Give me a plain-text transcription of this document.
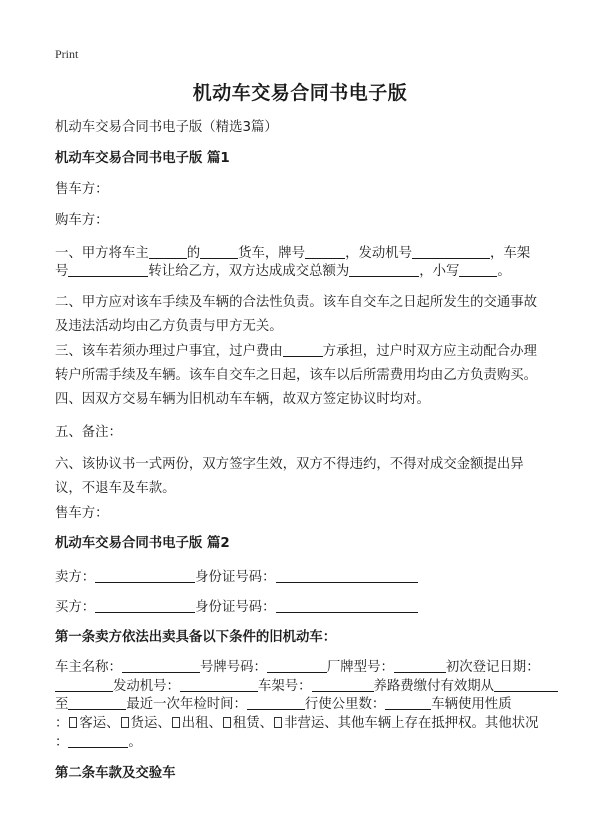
Print
机动车交易合同书电子版

机动车交易合同书电子版（精选3篇）

机动车交易合同书电子版 篇1

售车方：

购车方：

一、甲方将车主	的	货车，牌号	，发动机号	，车架

号	转让给乙方，双方达成成交总额为	，小写	。

二、甲方应对该车手续及车辆的合法性负责。该车自交车之日起所发生的交通事故及违法活动均由乙方负责与甲方无关。

三、该车若须办理过户事宜，过户费由	方承担，过户时双方应主动配合办理转户所需手续及车辆。该车自交车之日起，该车以后所需费用均由乙方负责购买。

四、因双方交易车辆为旧机动车车辆，故双方签定协议时均对。

五、备注：

六、该协议书一式两份，双方签字生效，双方不得违约，不得对成交金额提出异议，不退车及车款。

售车方：

机动车交易合同书电子版 篇2

卖方：	身份证号码：

买方：	身份证号码：

第一条卖方依法出卖具备以下条件的旧机动车：

车主名称：	号牌号码：	厂牌型号：	初次登记日期：

发动机号：	车架号：	养路费缴付有效期从

至	最近一次年检时间：	行使公里数：	车辆使用性质

： 客运、 货运、 出租、 租赁、 非营运、其他车辆上存在抵押权。其他状况

：	。

第二条车款及交验车
